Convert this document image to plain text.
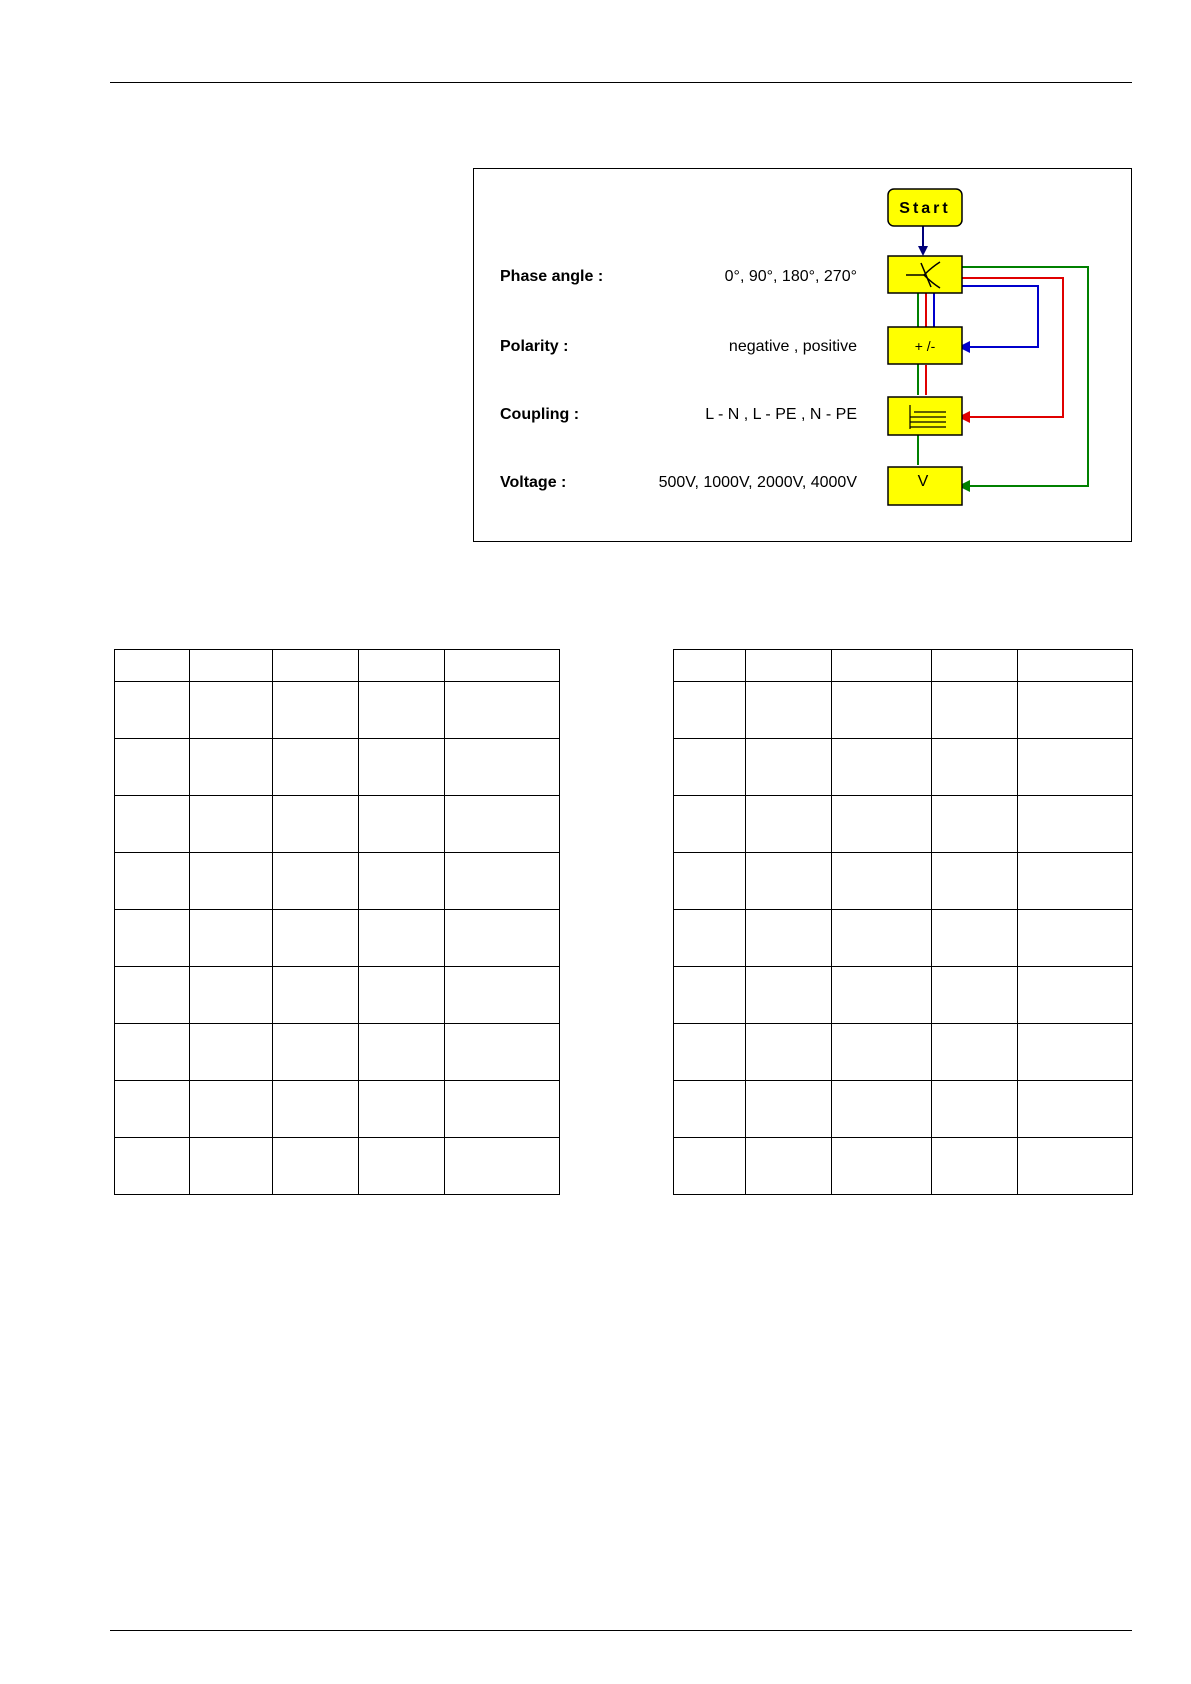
Start
+ /-
V
Phase angle :	0°, 90°, 180°, 270°
Polarity :	negative , positive
Coupling :	L - N , L - PE , N - PE
Voltage :	500V, 1000V, 2000V, 4000V
